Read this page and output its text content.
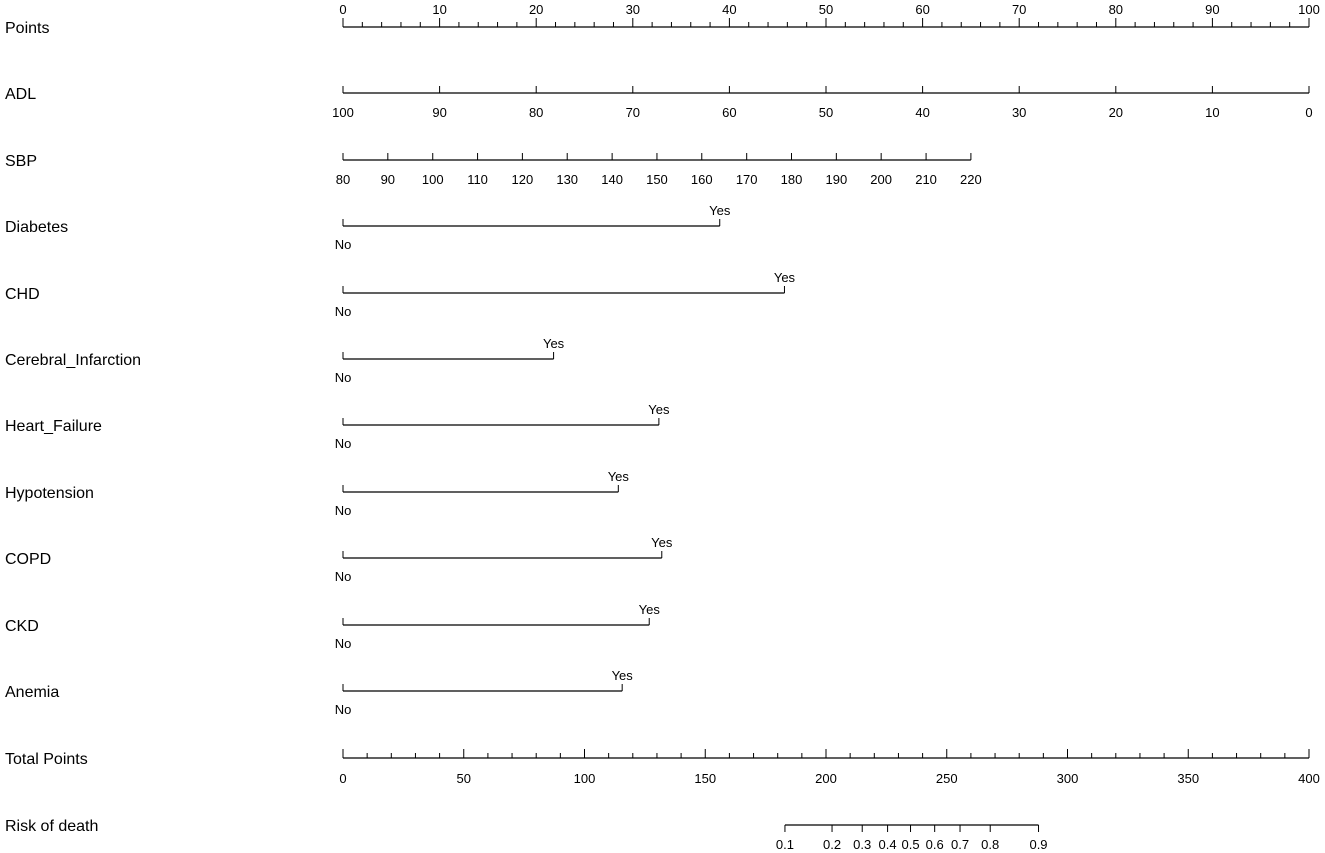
Points
0	10	20	30	40	50	60	70	80	90	100
ADL
100	90	80	70	60	50	40	30	20	10	0
SBP
80 90 100 110 120 130 140 150 160 170 180 190 200 210 220
Diabetes
No
Yes
CHD
No
Yes
Cerebral_Infarction
No
Yes
Heart_Failure
No
Yes
Hypotension
No
Yes
COPD
No
Yes
CKD
No
Yes
Anemia
No
Yes
Total Points
0	50	100	150	200	250	300	350	400
Risk of death
0.1 0.2 0.3 0.4 0.5 0.6 0.7 0.8 0.9
